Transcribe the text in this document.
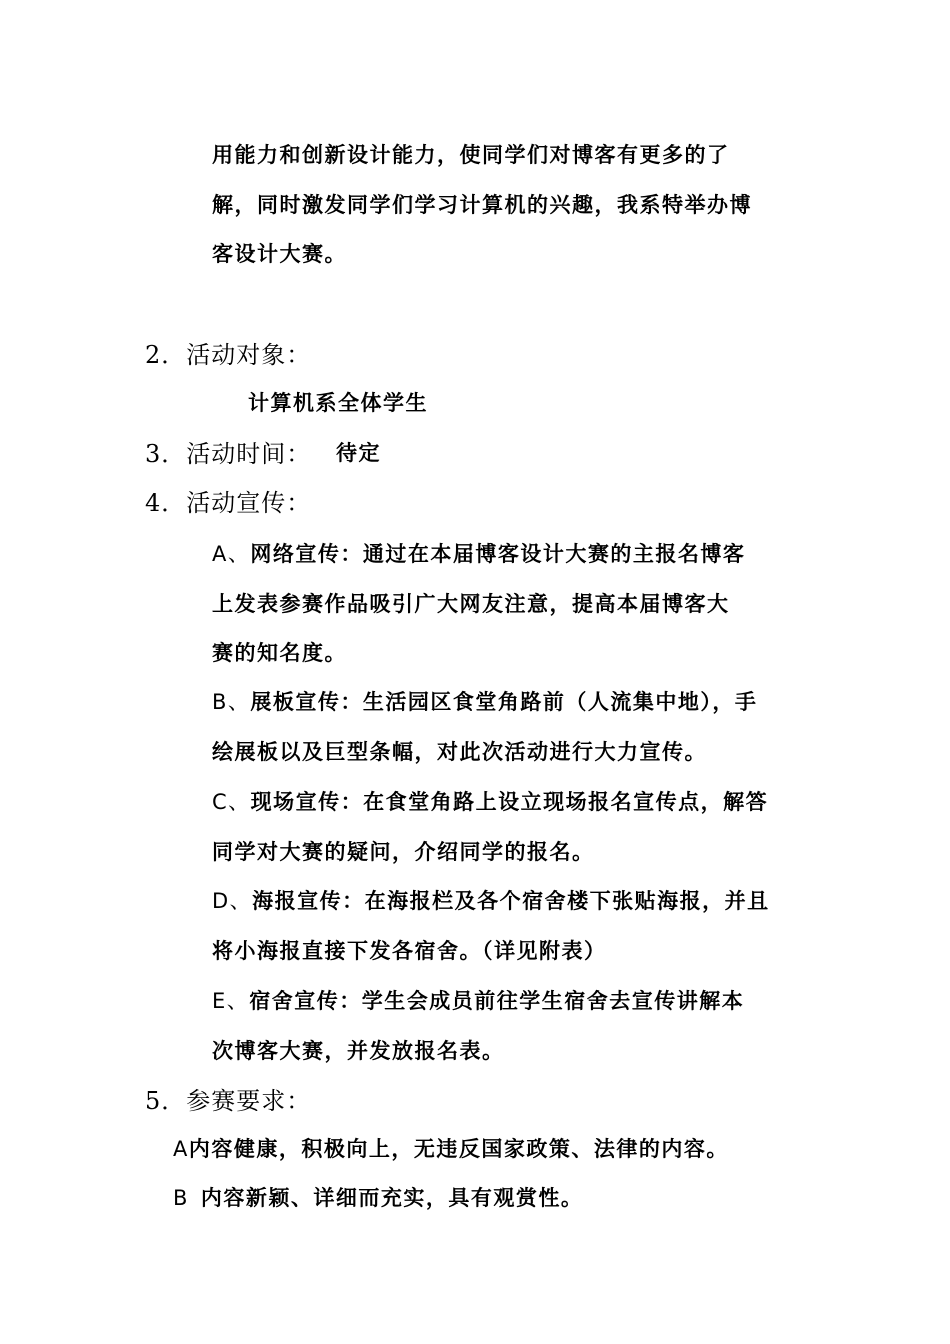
用能力和创新设计能力，使同学们对博客有更多的了
解，同时激发同学们学习计算机的兴趣，我系特举办博
客设计大赛。
2．活动对象：
计算机系全体学生
3．活动时间： 待定
4．活动宣传：
A、网络宣传：通过在本届博客设计大赛的主报名博客
上发表参赛作品吸引广大网友注意，提高本届博客大
赛的知名度。
B、展板宣传：生活园区食堂角路前（人流集中地），手
绘展板以及巨型条幅，对此次活动进行大力宣传。
C、现场宣传：在食堂角路上设立现场报名宣传点，解答
同学对大赛的疑问，介绍同学的报名。
D、海报宣传：在海报栏及各个宿舍楼下张贴海报，并且
将小海报直接下发各宿舍。（详见附表）
E、宿舍宣传：学生会成员前往学生宿舍去宣传讲解本
次博客大赛，并发放报名表。
5．参赛要求：
A内容健康，积极向上，无违反国家政策、法律的内容。
B 内容新颖、详细而充实，具有观赏性。
